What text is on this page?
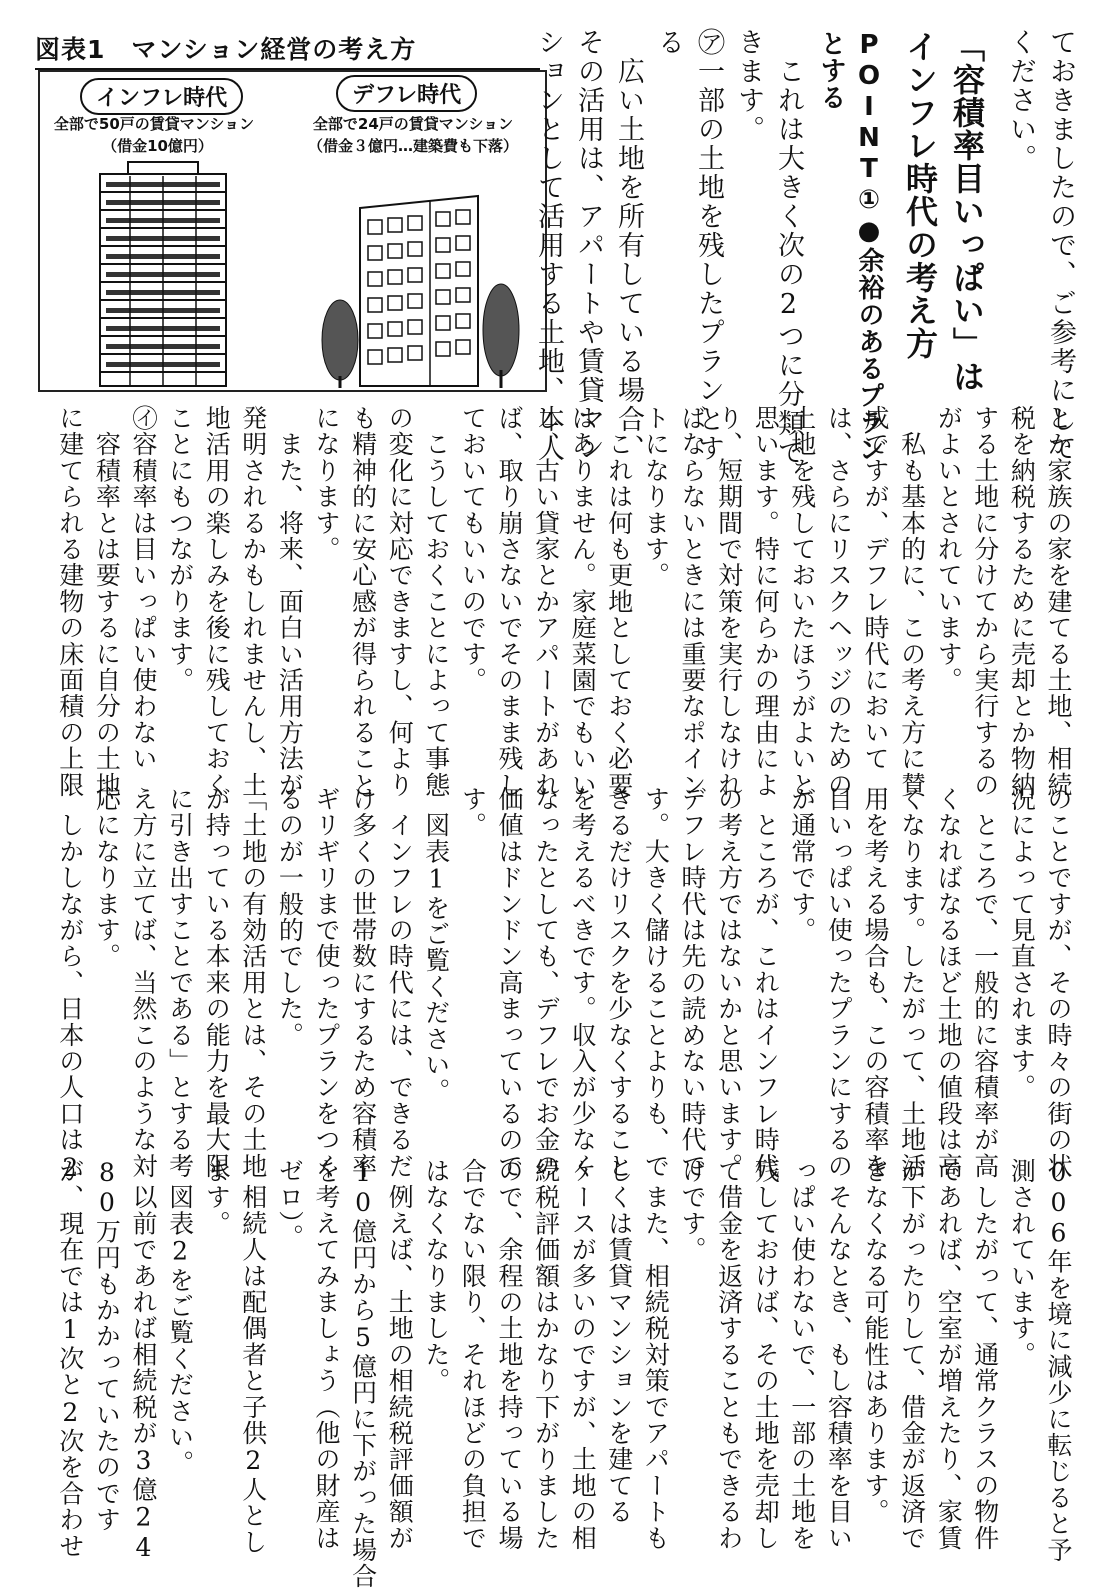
図表1　マンション経営の考え方
インフレ時代	デフレ時代
全部で50戸の賃貸マンション
（借金10億円）
全部で24戸の賃貸マンション
（借金３億円…建築費も下落）	ておきましたので、ご参考にして
ください。
「容積率目いっぱい」は
インフレ時代の考え方
POINT①●余裕のあるプラン
とする
　これは大きく次の2つに分類で
きます。
㋐一部の土地を残したプランとす
る
　広い土地を所有している場合、
その活用は、アパートや賃貸マン
ションとして活用する土地、本人
とか家族の家を建てる土地、相続
税を納税するために売却とか物納
する土地に分けてから実行するの
がよいとされています。
　私も基本的に、この考え方に賛
成ですが、デフレ時代において
は、さらにリスクヘッジのための
土地を残しておいたほうがよいと
思います。特に何らかの理由によ
り、短期間で対策を実行しなけれ
ばならないときには重要なポイン
トになります。
　これは何も更地としておく必要
はありません。家庭菜園でもいい
し、古い貸家とかアパートがあれ
ば、取り崩さないでそのまま残し
ておいてもいいのです。
　こうしておくことによって事態
の変化に対応できますし、何より
も精神的に安心感が得られること
になります。
　また、将来、面白い活用方法が
発明されるかもしれませんし、土
地活用の楽しみを後に残しておく
ことにもつながります。
㋑容積率は目いっぱい使わない
　容積率とは要するに自分の土地
に建てられる建物の床面積の上限
のことですが、その時々の街の状
況によって見直されます。
　ところで、一般的に容積率が高
くなればなるほど土地の値段は高
くなります。したがって、土地活
用を考える場合も、この容積率を
目いっぱい使ったプランにするの
が通常です。
　ところが、これはインフレ時代
の考え方ではないかと思います。
デフレ時代は先の読めない時代で
す。大きく儲けることよりも、で
きるだけリスクを少なくすること
を考えるべきです。収入が少なく
なったとしても、デフレでお金の
価値はドンドン高まっているので
す。
　図表1をご覧ください。
　インフレの時代には、できるだ
け多くの世帯数にするため容積率
ギリギリまで使ったプランをつく
るのが一般的でした。
「土地の有効活用とは、その土地
が持っている本来の能力を最大限
に引き出すことである」とする考
え方に立てば、当然このような対
応になります。
　しかしながら、日本の人口は2
006年を境に減少に転じると予
測されています。
　したがって、通常クラスの物件
であれば、空室が増えたり、家賃
が下がったりして、借金が返済で
きなくなる可能性はあります。
　そんなとき、もし容積率を目い
っぱい使わないで、一部の土地を
残しておけば、その土地を売却し
て借金を返済することもできるわ
けです。
　また、相続税対策でアパートも
しくは賃貸マンションを建てる
ケースが多いのですが、土地の相
続税評価額はかなり下がりました
ので、余程の土地を持っている場
合でない限り、それほどの負担で
はなくなりました。
　例えば、土地の相続税評価額が
10億円から5億円に下がった場合
を考えてみましょう（他の財産は
ゼロ）。
　相続人は配偶者と子供2人とし
ます。
　図表2をご覧ください。
　以前であれば相続税が3億24
80万円もかかっていたのです
が、現在では1次と2次を合わせ
